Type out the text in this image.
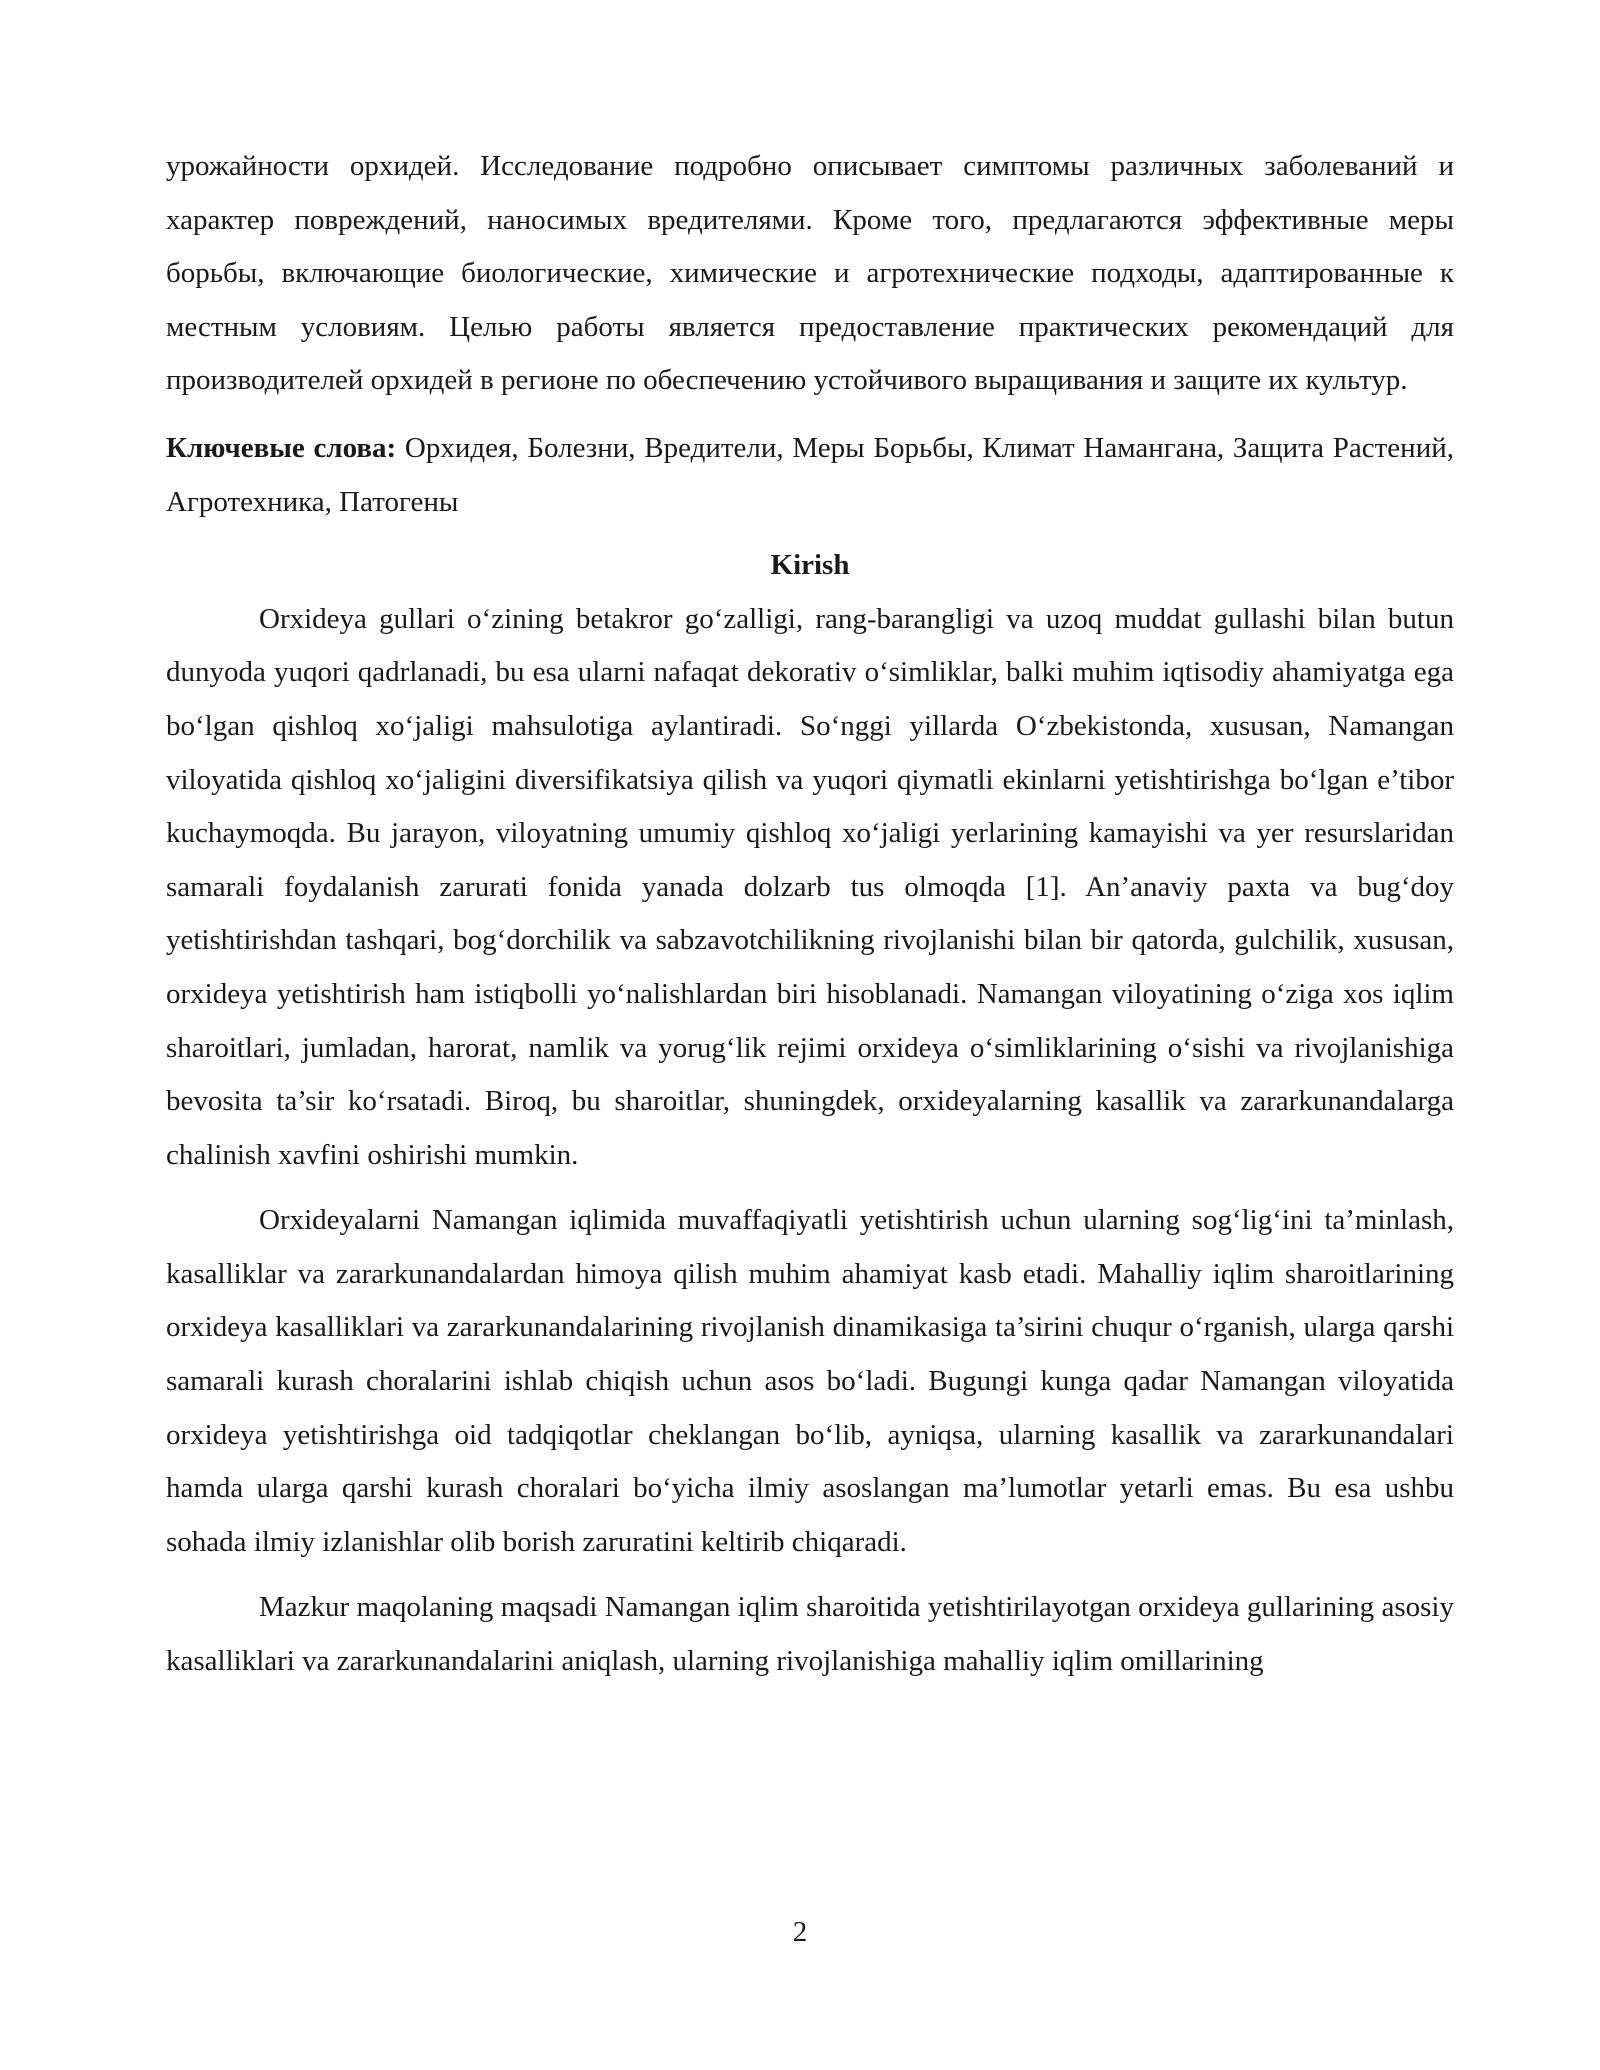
урожайности орхидей. Исследование подробно описывает симптомы различных заболеваний и характер повреждений, наносимых вредителями. Кроме того, предлагаются эффективные меры борьбы, включающие биологические, химические и агротехнические подходы, адаптированные к местным условиям. Целью работы является предоставление практических рекомендаций для производителей орхидей в регионе по обеспечению устойчивого выращивания и защите их культур.

Ключевые слова: Орхидея, Болезни, Вредители, Меры Борьбы, Климат Намангана, Защита Растений, Агротехника, Патогены

Kirish

Orxideya gullari o‘zining betakror go‘zalligi, rang-barangligi va uzoq muddat gullashi bilan butun dunyoda yuqori qadrlanadi, bu esa ularni nafaqat dekorativ o‘simliklar, balki muhim iqtisodiy ahamiyatga ega bo‘lgan qishloq xo‘jaligi mahsulotiga aylantiradi. So‘nggi yillarda O‘zbekistonda, xususan, Namangan viloyatida qishloq xo‘jaligini diversifikatsiya qilish va yuqori qiymatli ekinlarni yetishtirishga bo‘lgan e’tibor kuchaymoqda. Bu jarayon, viloyatning umumiy qishloq xo‘jaligi yerlarining kamayishi va yer resurslaridan samarali foydalanish zarurati fonida yanada dolzarb tus olmoqda [1]. An’anaviy paxta va bug‘doy yetishtirishdan tashqari, bog‘dorchilik va sabzavotchilikning rivojlanishi bilan bir qatorda, gulchilik, xususan, orxideya yetishtirish ham istiqbolli yo‘nalishlardan biri hisoblanadi. Namangan viloyatining o‘ziga xos iqlim sharoitlari, jumladan, harorat, namlik va yorug‘lik rejimi orxideya o‘simliklarining o‘sishi va rivojlanishiga bevosita ta’sir ko‘rsatadi. Biroq, bu sharoitlar, shuningdek, orxideyalarning kasallik va zararkunandalarga chalinish xavfini oshirishi mumkin.

Orxideyalarni Namangan iqlimida muvaffaqiyatli yetishtirish uchun ularning sog‘lig‘ini ta’minlash, kasalliklar va zararkunandalardan himoya qilish muhim ahamiyat kasb etadi. Mahalliy iqlim sharoitlarining orxideya kasalliklari va zararkunandalarining rivojlanish dinamikasiga ta’sirini chuqur o‘rganish, ularga qarshi samarali kurash choralarini ishlab chiqish uchun asos bo‘ladi. Bugungi kunga qadar Namangan viloyatida orxideya yetishtirishga oid tadqiqotlar cheklangan bo‘lib, ayniqsa, ularning kasallik va zararkunandalari hamda ularga qarshi kurash choralari bo‘yicha ilmiy asoslangan ma’lumotlar yetarli emas. Bu esa ushbu sohada ilmiy izlanishlar olib borish zaruratini keltirib chiqaradi.

Mazkur maqolaning maqsadi Namangan iqlim sharoitida yetishtirilayotgan orxideya gullarining asosiy kasalliklari va zararkunandalarini aniqlash, ularning rivojlanishiga mahalliy iqlim omillarining

2
